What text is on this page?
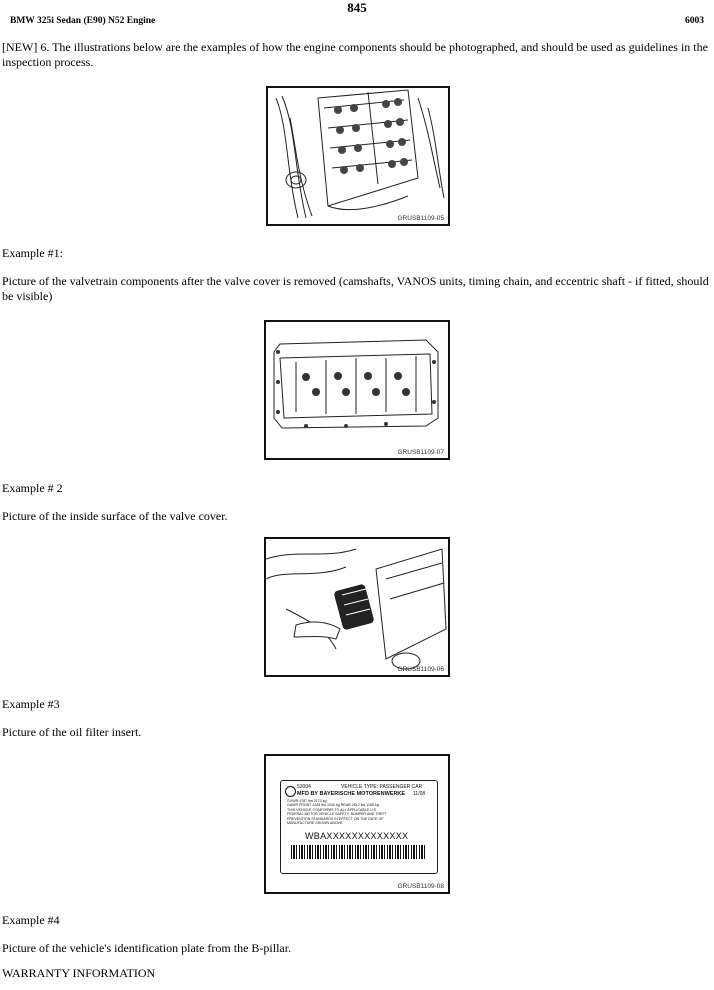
845
BMW 325i Sedan (E90) N52 Engine	6003
[NEW] 6. The illustrations below are the examples of how the engine components should be photographed, and should be used as guidelines in the inspection process.
GRUSB1109-05
Example #1:
Picture of the valvetrain components after the valve cover is removed (camshafts, VANOS units, timing chain, and eccentric shaft - if fitted, should be visible)
GRUSB1109-07
Example # 2
Picture of the inside surface of the valve cover.
GRUSB1109-06
Example #3
Picture of the oil filter insert.
53004	VEHICLE TYPE: PASSENGER CAR
MFD BY BAYERISCHE MOTORENWERKE 11/08
GVWR 4787 lbs 2170 kg
GAWR FRONT 2284 lbs 1040 kg REAR 2612 lbs 1185 kg
THIS VEHICLE CONFORMS TO ALL APPLICABLE U.S.
FEDERAL MOTOR VEHICLE SAFETY, BUMPER AND THEFT
PREVENTION STANDARDS IN EFFECT ON THE DATE OF
MANUFACTURE SHOWN ABOVE.
WBAXXXXXXXXXXXXX
GRUSB1109-08
Example #4
Picture of the vehicle's identification plate from the B-pillar.
WARRANTY INFORMATION
